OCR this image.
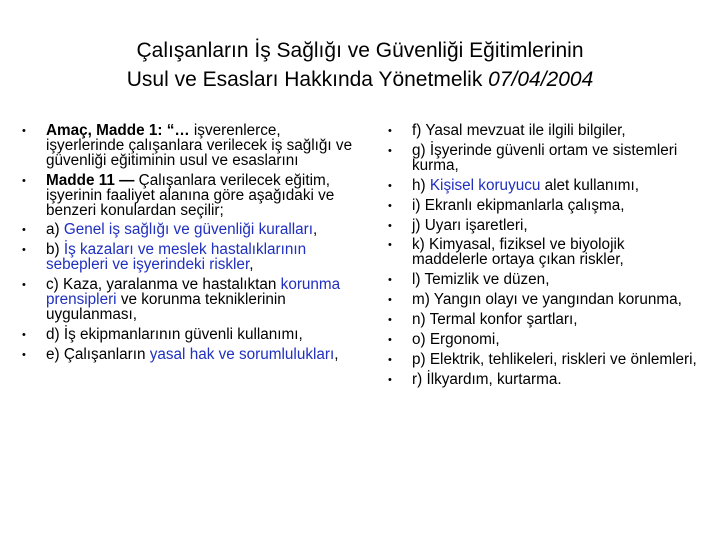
Çalışanların İş Sağlığı ve Güvenliği Eğitimlerinin
Usul ve Esasları Hakkında Yönetmelik 07/04/2004
• Amaç, Madde 1: “… işverenlerce, işyerlerinde çalışanlara verilecek iş sağlığı ve güvenliği eğitiminin usul ve esaslarını
• Madde 11 — Çalışanlara verilecek eğitim, işyerinin faaliyet alanına göre aşağıdaki ve benzeri konulardan seçilir;
• a) Genel iş sağlığı ve güvenliği kuralları,
• b) İş kazaları ve meslek hastalıklarının sebepleri ve işyerindeki riskler,
• c) Kaza, yaralanma ve hastalıktan korunma prensipleri ve korunma tekniklerinin uygulanması,
• d) İş ekipmanlarının güvenli kullanımı,
• e) Çalışanların yasal hak ve sorumlulukları,
• f) Yasal mevzuat ile ilgili bilgiler,
• g) İşyerinde güvenli ortam ve sistemleri kurma,
• h) Kişisel koruyucu alet kullanımı,
• i) Ekranlı ekipmanlarla çalışma,
• j) Uyarı işaretleri,
• k) Kimyasal, fiziksel ve biyolojik maddelerle ortaya çıkan riskler,
• l) Temizlik ve düzen,
• m) Yangın olayı ve yangından korunma,
• n) Termal konfor şartları,
• o) Ergonomi,
• p) Elektrik, tehlikeleri, riskleri ve önlemleri,
• r) İlkyardım, kurtarma.
